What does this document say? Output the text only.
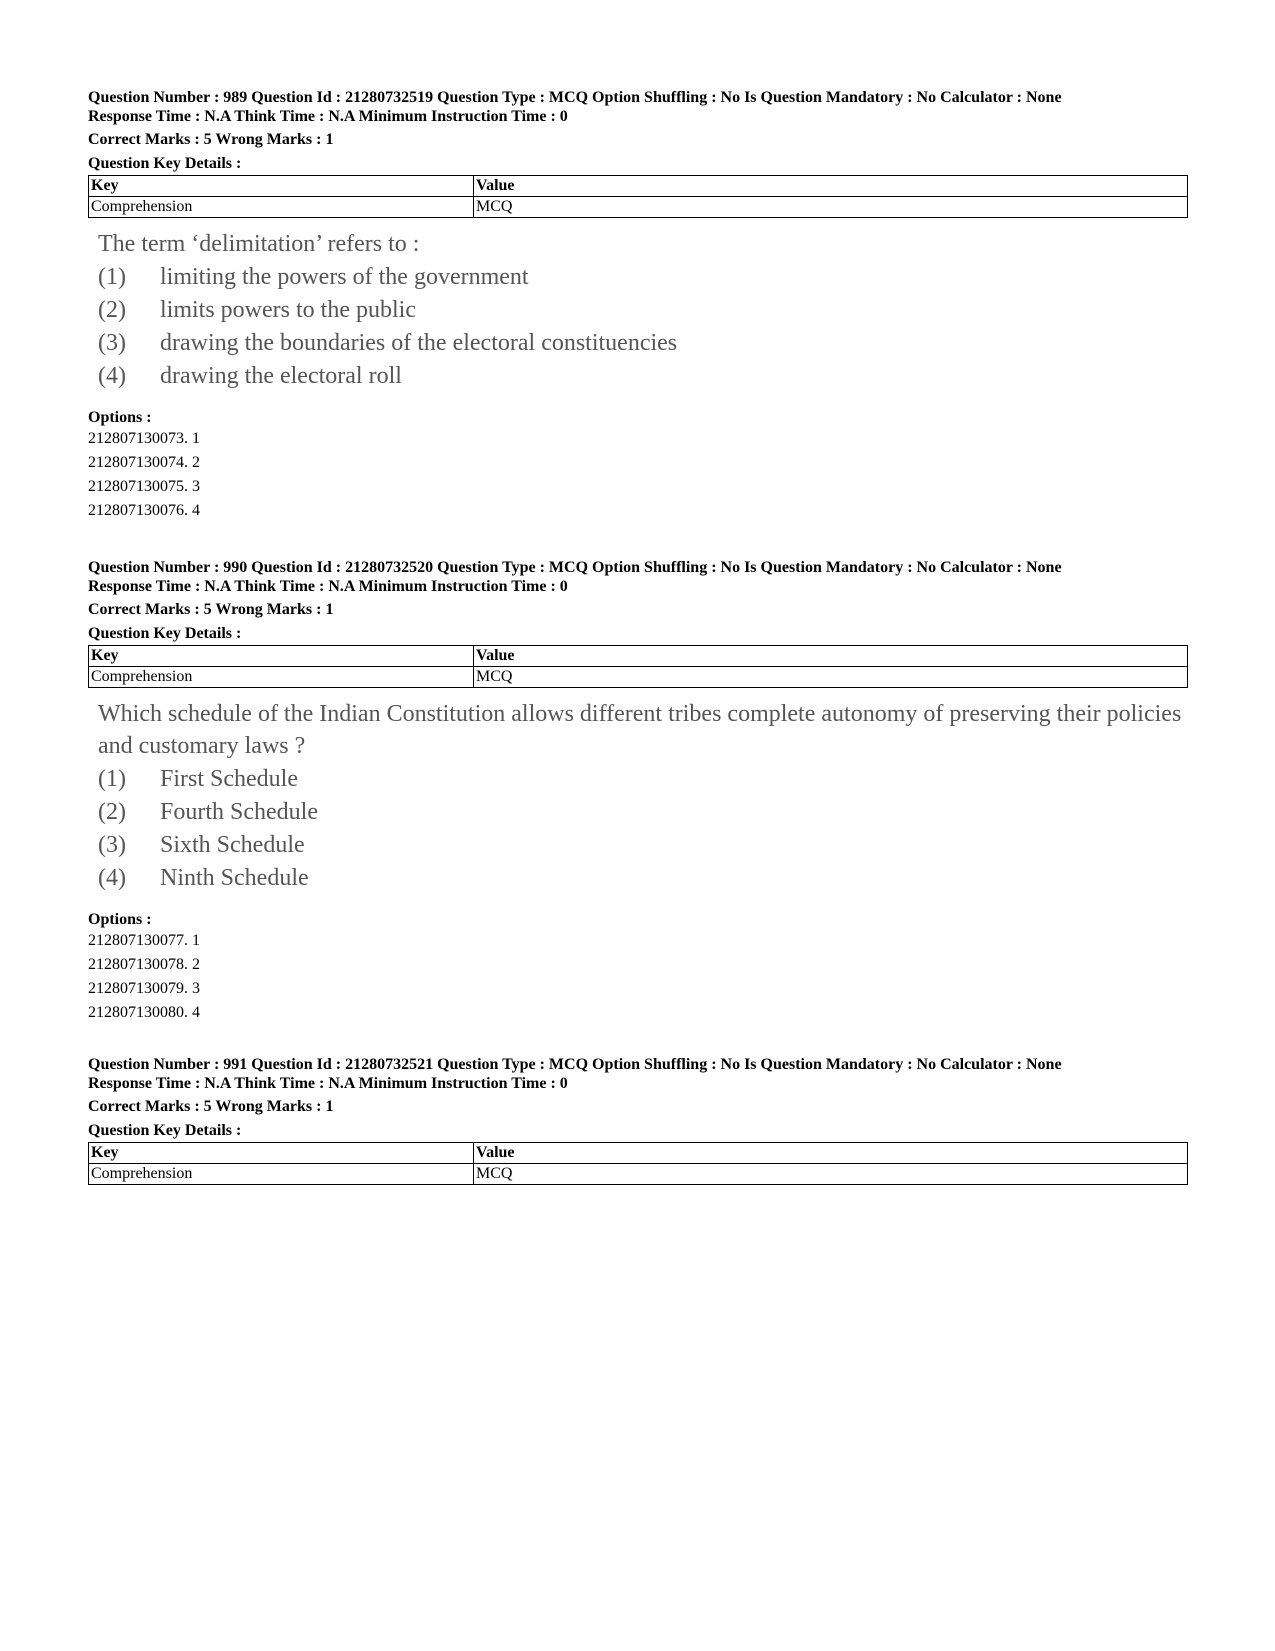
Question Number : 989 Question Id : 21280732519 Question Type : MCQ Option Shuffling : No Is Question Mandatory : No Calculator : None
Response Time : N.A Think Time : N.A Minimum Instruction Time : 0
Correct Marks : 5 Wrong Marks : 1
Question Key Details :
Key	Value
Comprehension	MCQ
The term ‘delimitation’ refers to :
(1)	limiting the powers of the government
(2)	limits powers to the public
(3)	drawing the boundaries of the electoral constituencies
(4)	drawing the electoral roll
Options :
212807130073. 1
212807130074. 2
212807130075. 3
212807130076. 4
Question Number : 990 Question Id : 21280732520 Question Type : MCQ Option Shuffling : No Is Question Mandatory : No Calculator : None
Response Time : N.A Think Time : N.A Minimum Instruction Time : 0
Correct Marks : 5 Wrong Marks : 1
Question Key Details :
Key	Value
Comprehension	MCQ
Which schedule of the Indian Constitution allows different tribes complete autonomy of preserving their policies and customary laws ?
(1)	First Schedule
(2)	Fourth Schedule
(3)	Sixth Schedule
(4)	Ninth Schedule
Options :
212807130077. 1
212807130078. 2
212807130079. 3
212807130080. 4
Question Number : 991 Question Id : 21280732521 Question Type : MCQ Option Shuffling : No Is Question Mandatory : No Calculator : None
Response Time : N.A Think Time : N.A Minimum Instruction Time : 0
Correct Marks : 5 Wrong Marks : 1
Question Key Details :
Key	Value
Comprehension	MCQ
